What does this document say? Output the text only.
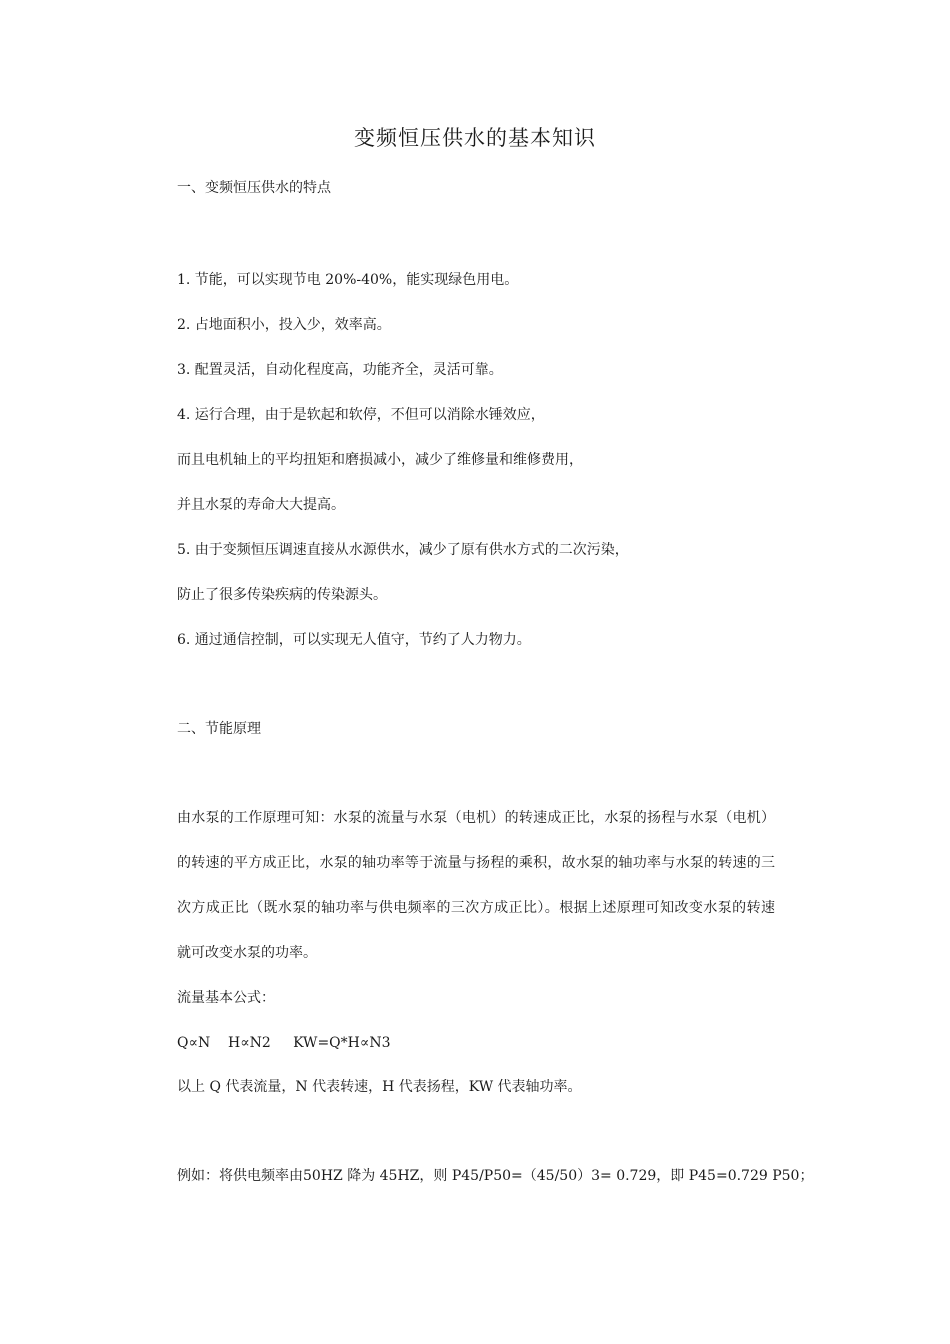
变频恒压供水的基本知识
一、变频恒压供水的特点
1. 节能，可以实现节电 20%-40%，能实现绿色用电。
2. 占地面积小，投入少，效率高。
3. 配置灵活，自动化程度高，功能齐全，灵活可靠。
4. 运行合理，由于是软起和软停，不但可以消除水锤效应，
而且电机轴上的平均扭矩和磨损减小，减少了维修量和维修费用，
并且水泵的寿命大大提高。
5. 由于变频恒压调速直接从水源供水，减少了原有供水方式的二次污染，
防止了很多传染疾病的传染源头。
6. 通过通信控制，可以实现无人值守，节约了人力物力。
二、节能原理
由水泵的工作原理可知：水泵的流量与水泵（电机）的转速成正比，水泵的扬程与水泵（电机）
的转速的平方成正比，水泵的轴功率等于流量与扬程的乘积，故水泵的轴功率与水泵的转速的三
次方成正比（既水泵的轴功率与供电频率的三次方成正比）。根据上述原理可知改变水泵的转速
就可改变水泵的功率。
流量基本公式：
Q∝N    H∝N2     KW=Q*H∝N3
以上 Q 代表流量，N 代表转速，H 代表扬程，KW 代表轴功率。
例如：将供电频率由50HZ 降为 45HZ，则 P45/P50=（45/50）3= 0.729，即 P45=0.729 P50；
